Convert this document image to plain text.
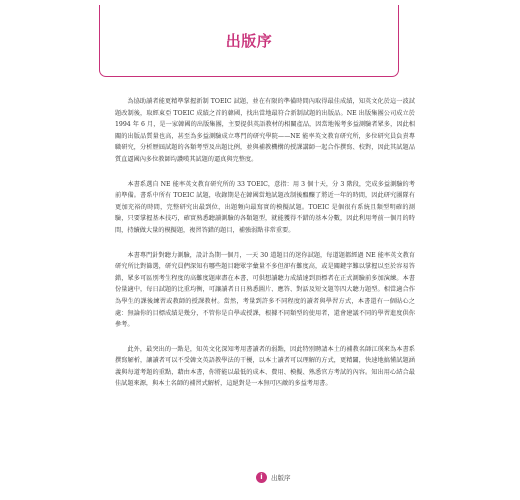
出版序

為協助讀者能更精準掌握新制 TOEIC 試題，並在有限的準備時間內取得最佳成績，知英文化於這一波試題改制後，取經東亞 TOEIC 成績之首的韓國，找出當地最符合新制試題的出版品。NE 出版集團公司成立於 1994 年 6 月，是一家韓國的出版集團，主要提供英語教材的相關產品，因當地報考多益測驗者眾多，因此相關的出版品質量也高，甚至為多益測驗成立專門的研究學院——NE 能率英文教育研究所，多位研究員負責專職研究，分析歷屆試題的各類考型及出題比例，並與補教機構的授課講師一起合作撰寫、校對，因此其試題品質直逼國內多位教師均讚嘆其試題的逼真與完整度。

本書系選自 NE 能率英文教育研究所的 33 TOEIC，意指：用 3 個十天，分 3 階段，完成多益測驗的考前準備。書系中所有 TOEIC 試題，收錄期是在韓國當地試題改制後醞釀了將近一年的時間，因此研究團隊有更加充裕的時間，完整研究出最到位，出題頻向最寫實的模擬試題。TOEIC 是個很有系統且類型明確的測驗，只要掌握基本技巧，確實熟悉聽讀測驗的各類題型，就能獲得不錯的基本分數，因此利用考前一個月的時間，持續做大量的模擬題，複習答錯的題目，補強弱點非常重要。

本書專門針對聽力測驗，設計為期一個月，一天 30 道題目的迷你試題，每道題都經過 NE 能率英文教育研究所比對篩選，研究員們深知有哪些題目聽眾字彙量不多但卻有難度高，或是關鍵字難以掌握以至於容易答錯，眾多可區別考生程度的高難度題庫盡在本書，可供想讀聽力成績達到頂標者在正式測驗前多加演練。本書份量適中，每日試題的比重均衡，可讓讀者日日熟悉圖片、應答、對話及短文題等四大聽力題型。相當適合作為學生的課後練習或教師的授課教材。當然，考量到許多不同程度的讀者與學習方式，本書還有一個貼心之處：無論你的目標成績是幾分，不管你是自學或授課，根據不同類型的使用者，還會建議不同的學習進度供你參考。

此外，最突出的一點是，知英文化深知考用書讀者的弱點，因此特別聘請本土的補教名師江瑛來為本書系撰寫解析，讓讀者可以不受韓文英語教學法的干擾，以本土讀者可以理解的方式，更精闢，快速地搞懂試題涵義與每道考題的重點，藉由本書，你將能以最低的成本、費用、模擬、熟悉官方考試的內容。知出用心結合最佳試題來源，與本土名師的補習式解析，這絕對是一本無可匹敵的多益考用書。

i	出版序
